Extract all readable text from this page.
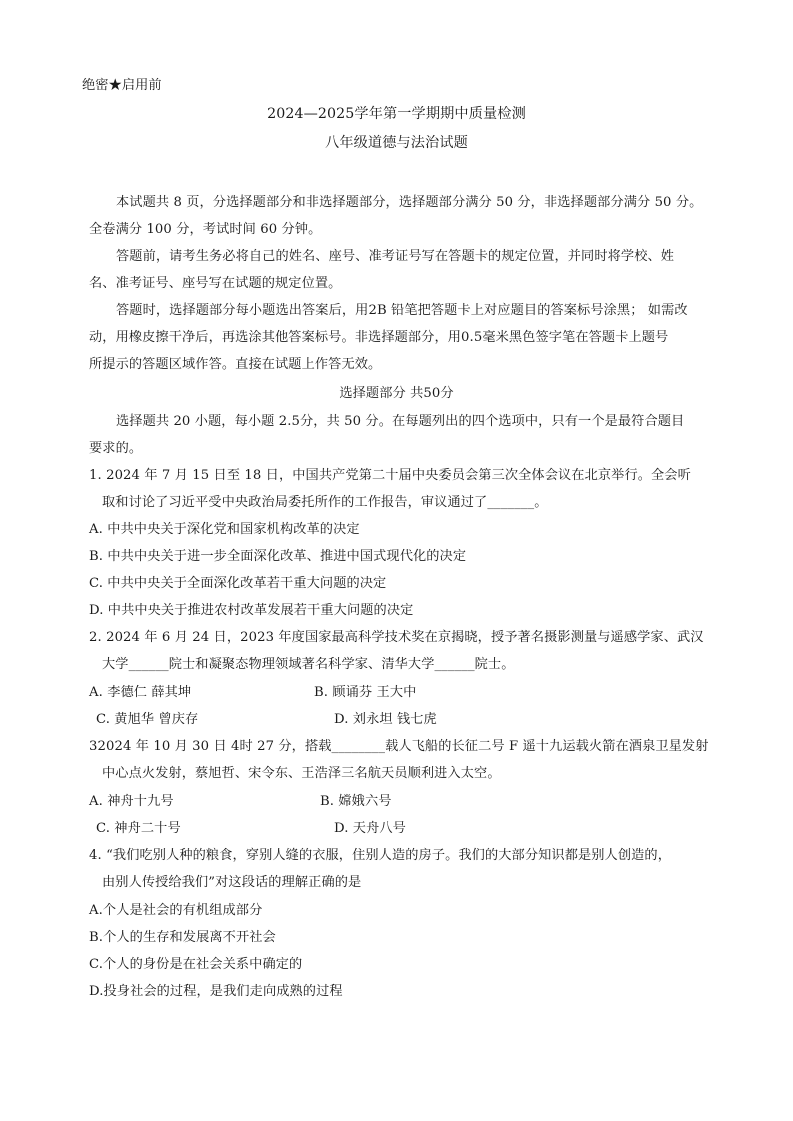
绝密★启用前
2024—2025学年第一学期期中质量检测
八年级道德与法治试题
本试题共 8 页，分选择题部分和非选择题部分，选择题部分满分 50 分，非选择题部分满分 50 分。
全卷满分 100 分，考试时间 60 分钟。
答题前，请考生务必将自己的姓名、座号、准考证号写在答题卡的规定位置，并同时将学校、姓
名、准考证号、座号写在试题的规定位置。
答题时，选择题部分每小题选出答案后，用2B 铅笔把答题卡上对应题目的答案标号涂黑； 如需改
动，用橡皮擦干净后，再选涂其他答案标号。非选择题部分，用0.5毫米黑色签字笔在答题卡上题号
所提示的答题区域作答。直接在试题上作答无效。
选择题部分 共50分
选择题共 20 小题，每小题 2.5分，共 50 分。在每题列出的四个选项中，只有一个是最符合题目
要求的。
1. 2024 年 7 月 15 日至 18 日，中国共产党第二十届中央委员会第三次全体会议在北京举行。全会听
取和讨论了习近平受中央政治局委托所作的工作报告，审议通过了_______。
A. 中共中央关于深化党和国家机构改革的决定
B. 中共中央关于进一步全面深化改革、推进中国式现代化的决定
C. 中共中央关于全面深化改革若干重大问题的决定
D. 中共中央关于推进农村改革发展若干重大问题的决定
2. 2024 年 6 月 24 日，2023 年度国家最高科学技术奖在京揭晓，授予著名摄影测量与遥感学家、武汉
大学______院士和凝聚态物理领域著名科学家、清华大学______院士。
A. 李德仁 薛其坤	B. 顾诵芬 王大中
C. 黄旭华 曾庆存	D. 刘永坦 钱七虎
32024 年 10 月 30 日 4时 27 分，搭载________载人飞船的长征二号 F 遥十九运载火箭在酒泉卫星发射
中心点火发射，蔡旭哲、宋令东、王浩泽三名航天员顺利进入太空。
A. 神舟十九号	B. 嫦娥六号
C. 神舟二十号	D. 天舟八号
4. “我们吃别人种的粮食，穿别人缝的衣服，住别人造的房子。我们的大部分知识都是别人创造的，
由别人传授给我们”对这段话的理解正确的是
A.个人是社会的有机组成部分
B.个人的生存和发展离不开社会
C.个人的身份是在社会关系中确定的
D.投身社会的过程，是我们走向成熟的过程
